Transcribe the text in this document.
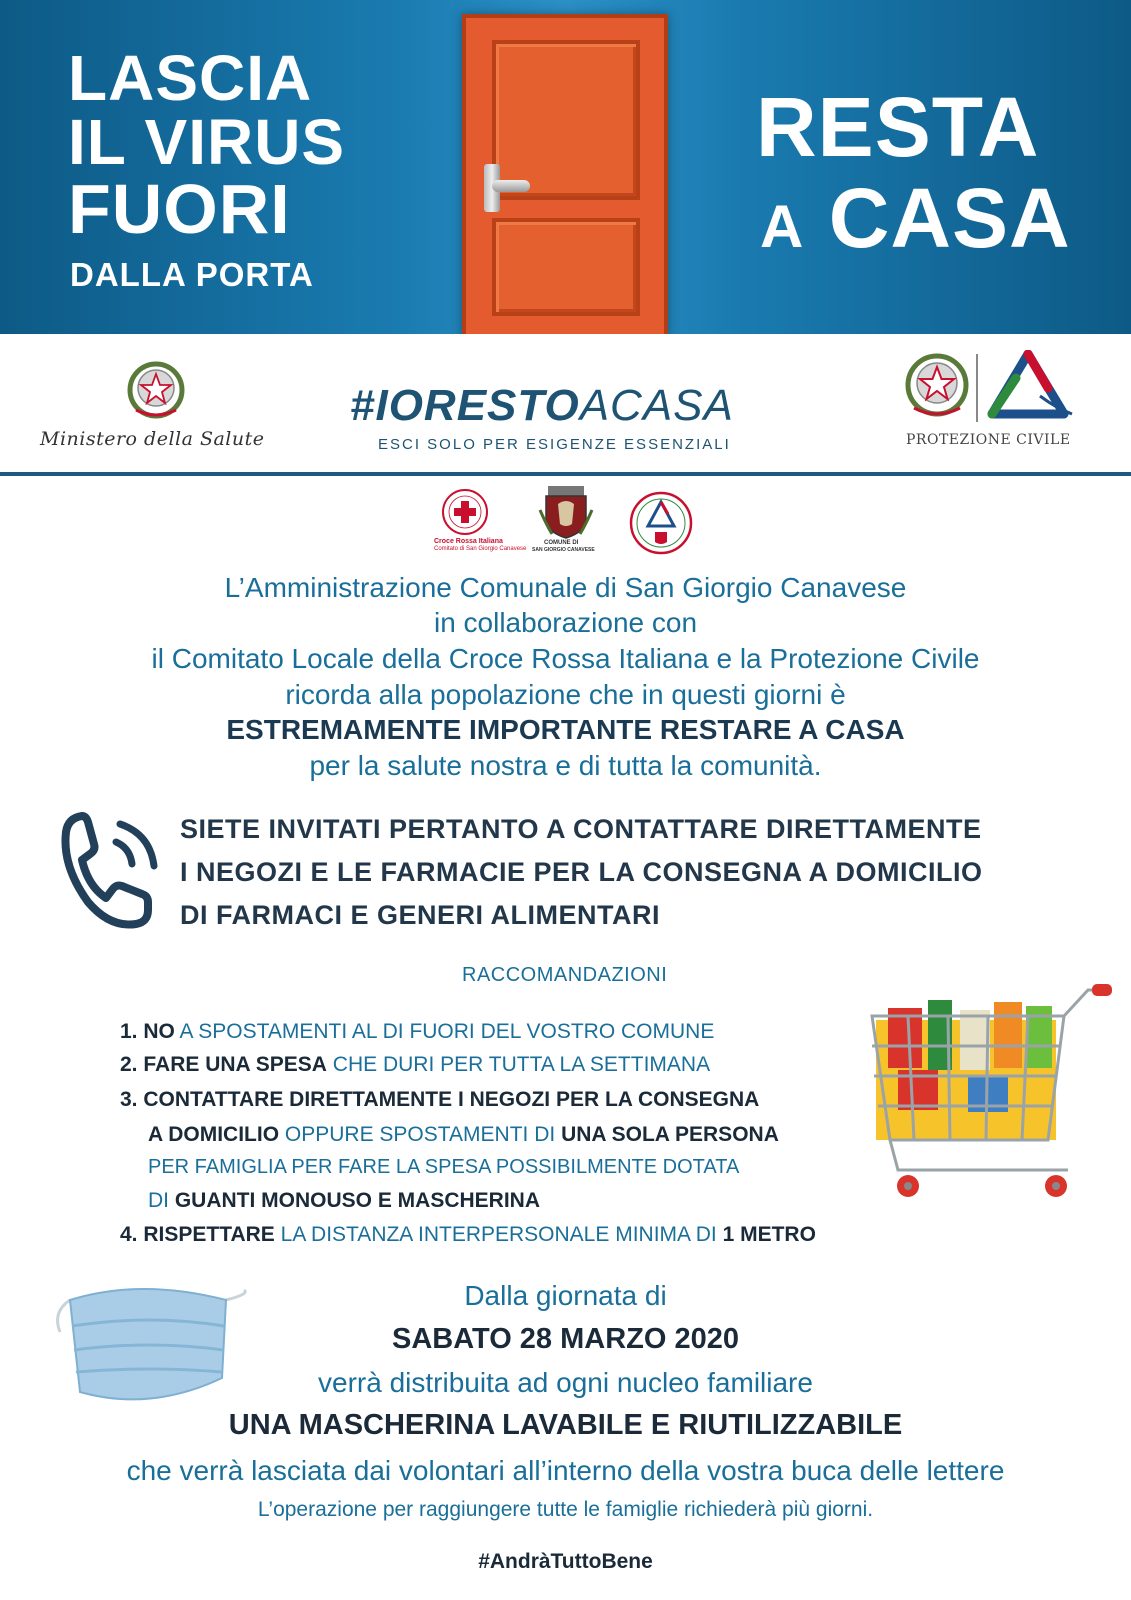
LASCIA
IL VIRUS
FUORI
DALLA PORTA
RESTA
A CASA
Ministero della Salute
#IORESTOACASA
ESCI SOLO PER ESIGENZE ESSENZIALI	PROTEZIONE CIVILE
Croce Rossa Italiana
Comitato di San Giorgio Canavese
COMUNE DI
SAN GIORGIO CANAVESE
L’Amministrazione Comunale di San Giorgio Canavese
in collaborazione con
il Comitato Locale della Croce Rossa Italiana e la Protezione Civile
ricorda alla popolazione che in questi giorni è
ESTREMAMENTE IMPORTANTE RESTARE A CASA
per la salute nostra e di tutta la comunità.
SIETE INVITATI PERTANTO A CONTATTARE DIRETTAMENTE
I NEGOZI E LE FARMACIE PER LA CONSEGNA A DOMICILIO
DI FARMACI E GENERI ALIMENTARI
RACCOMANDAZIONI
1. NO A SPOSTAMENTI AL DI FUORI DEL VOSTRO COMUNE
2. FARE UNA SPESA CHE DURI PER TUTTA LA SETTIMANA
3. CONTATTARE DIRETTAMENTE I NEGOZI PER LA CONSEGNA
A DOMICILIO OPPURE SPOSTAMENTI DI UNA SOLA PERSONA
PER FAMIGLIA PER FARE LA SPESA POSSIBILMENTE DOTATA
DI GUANTI MONOUSO E MASCHERINA
4. RISPETTARE LA DISTANZA INTERPERSONALE MINIMA DI 1 METRO
Dalla giornata di
SABATO 28 MARZO 2020
verrà distribuita ad ogni nucleo familiare
UNA MASCHERINA LAVABILE E RIUTILIZZABILE
che verrà lasciata dai volontari all’interno della vostra buca delle lettere
L’operazione per raggiungere tutte le famiglie richiederà più giorni.
#AndràTuttoBene
